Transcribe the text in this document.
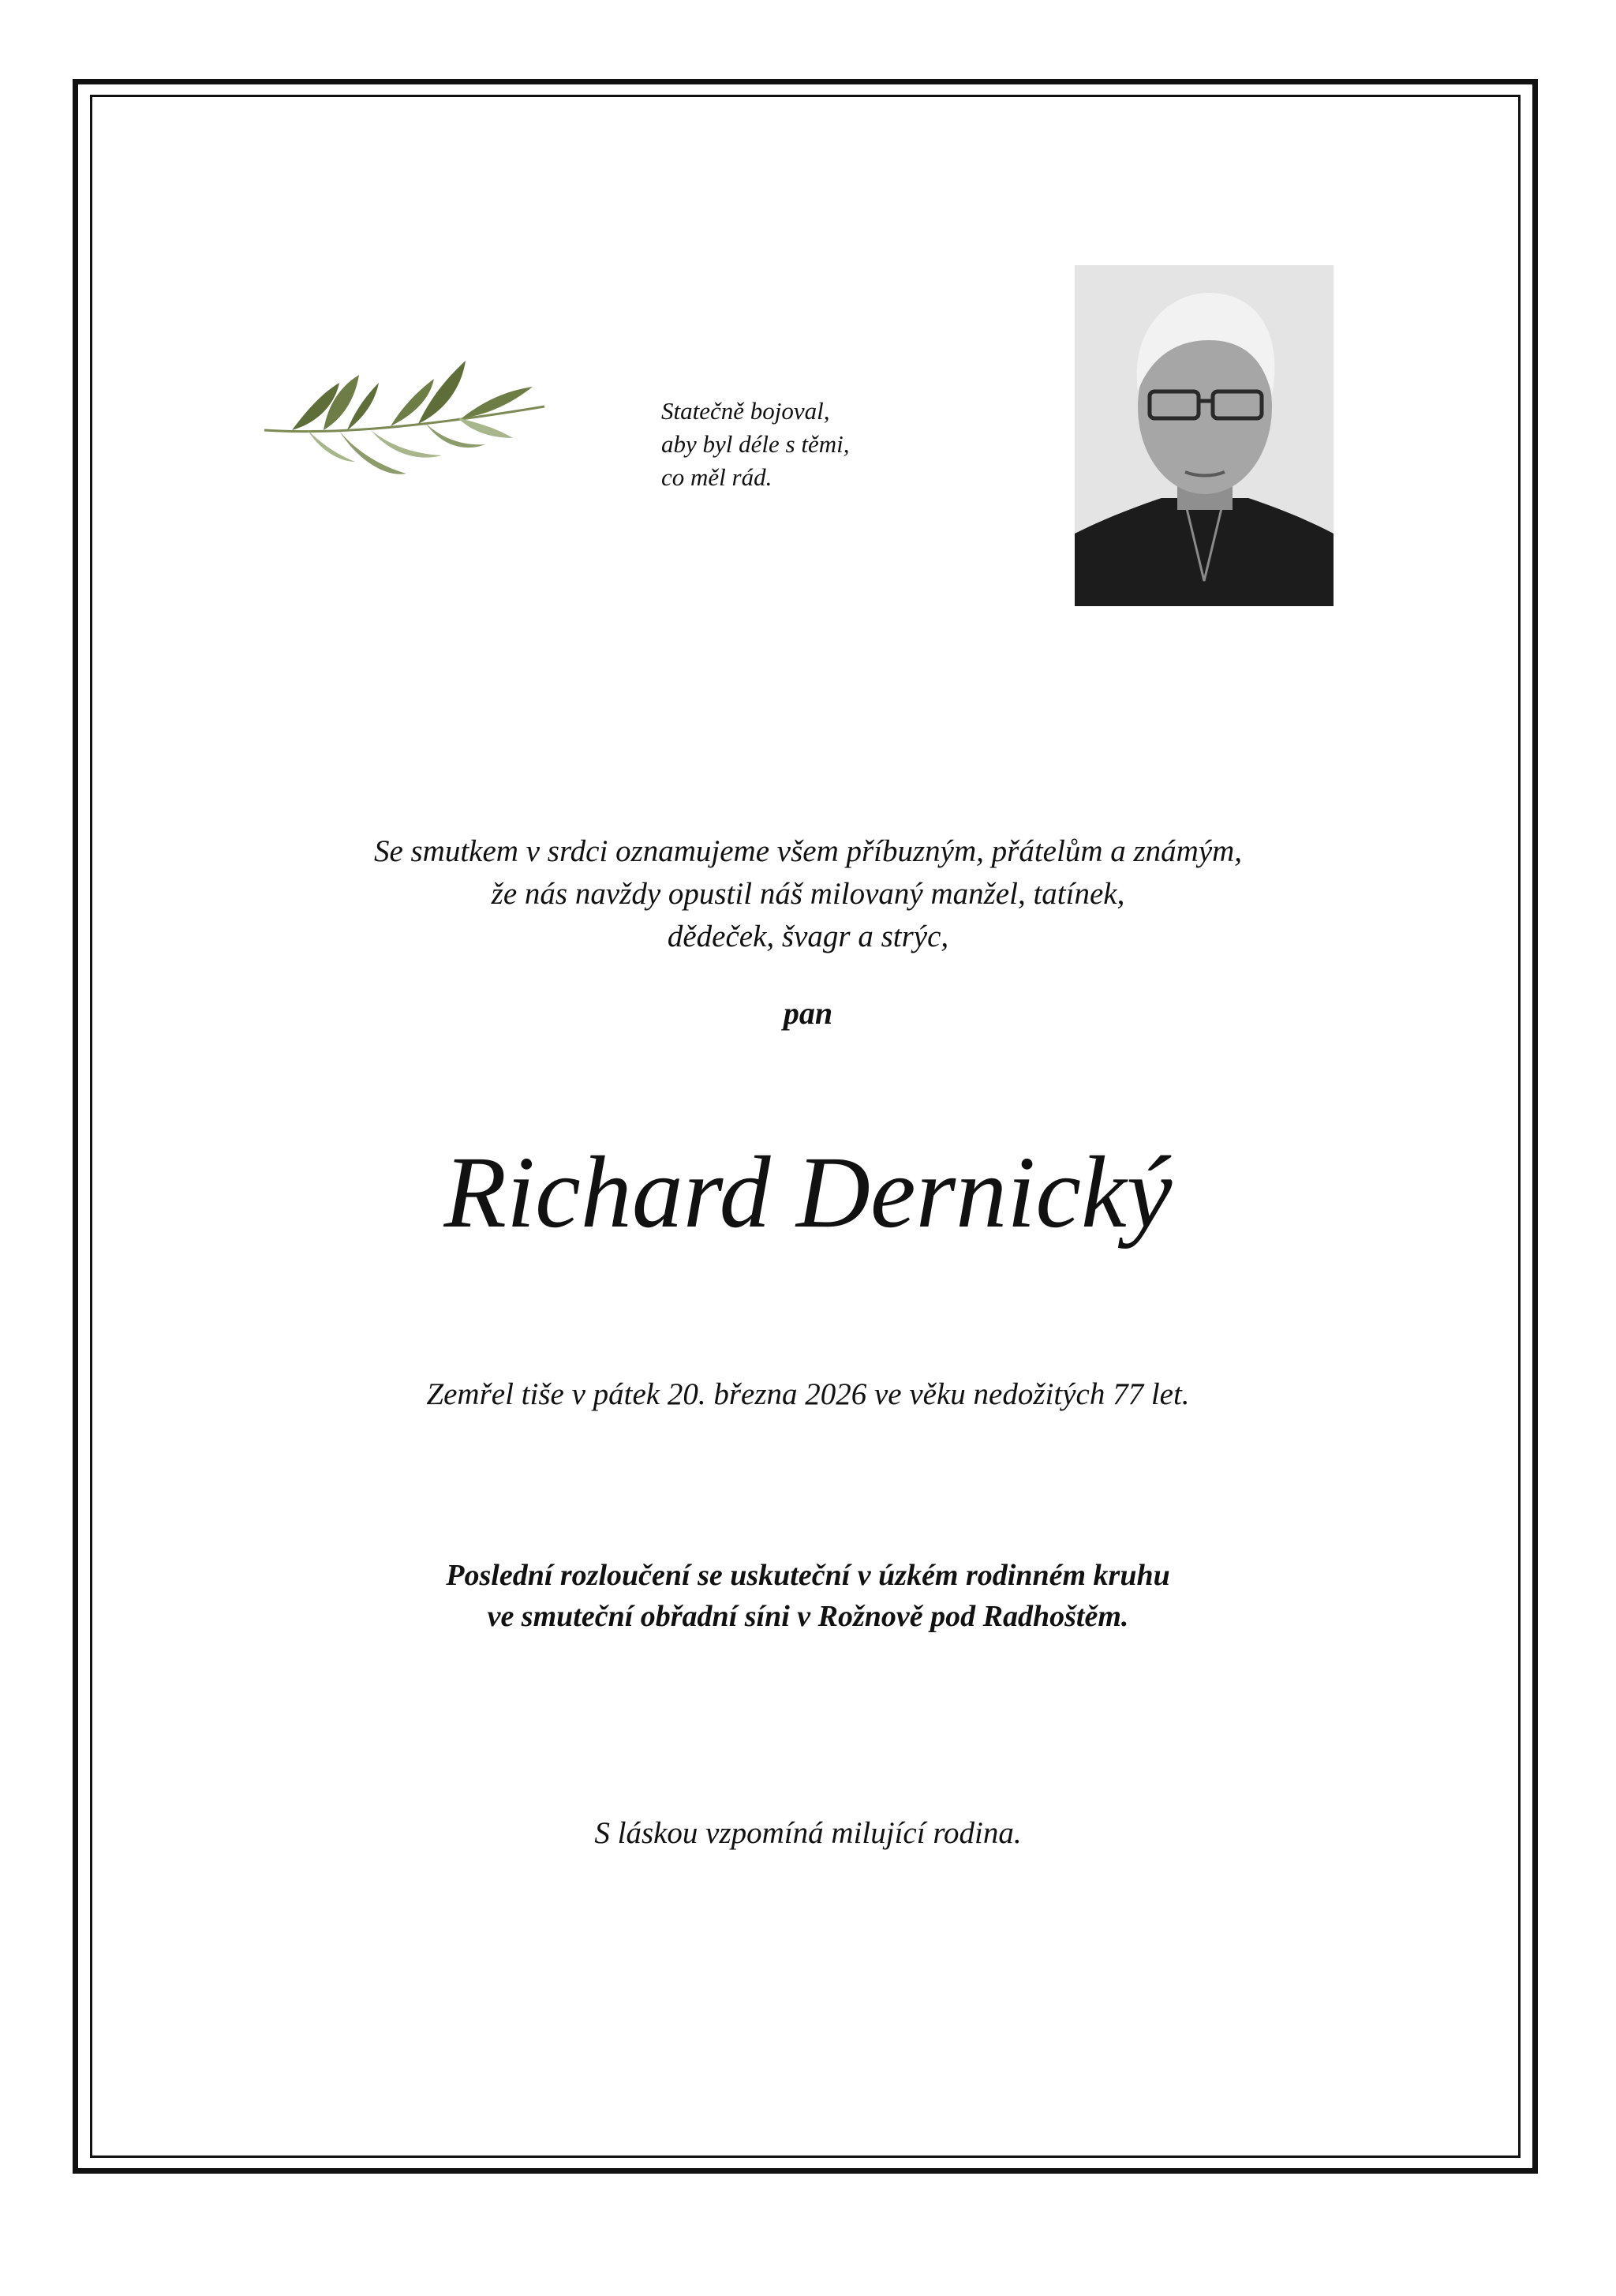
Statečně bojoval,
aby byl déle s těmi,
co měl rád.
Se smutkem v srdci oznamujeme všem příbuzným, přátelům a známým,
že nás navždy opustil náš milovaný manžel, tatínek,
dědeček, švagr a strýc,
pan
Richard Dernický
Zemřel tiše v pátek 20. března 2026 ve věku nedožitých 77 let.
Poslední rozloučení se uskuteční v úzkém rodinném kruhu
ve smuteční obřadní síni v Rožnově pod Radhoštěm.
S láskou vzpomíná milující rodina.
